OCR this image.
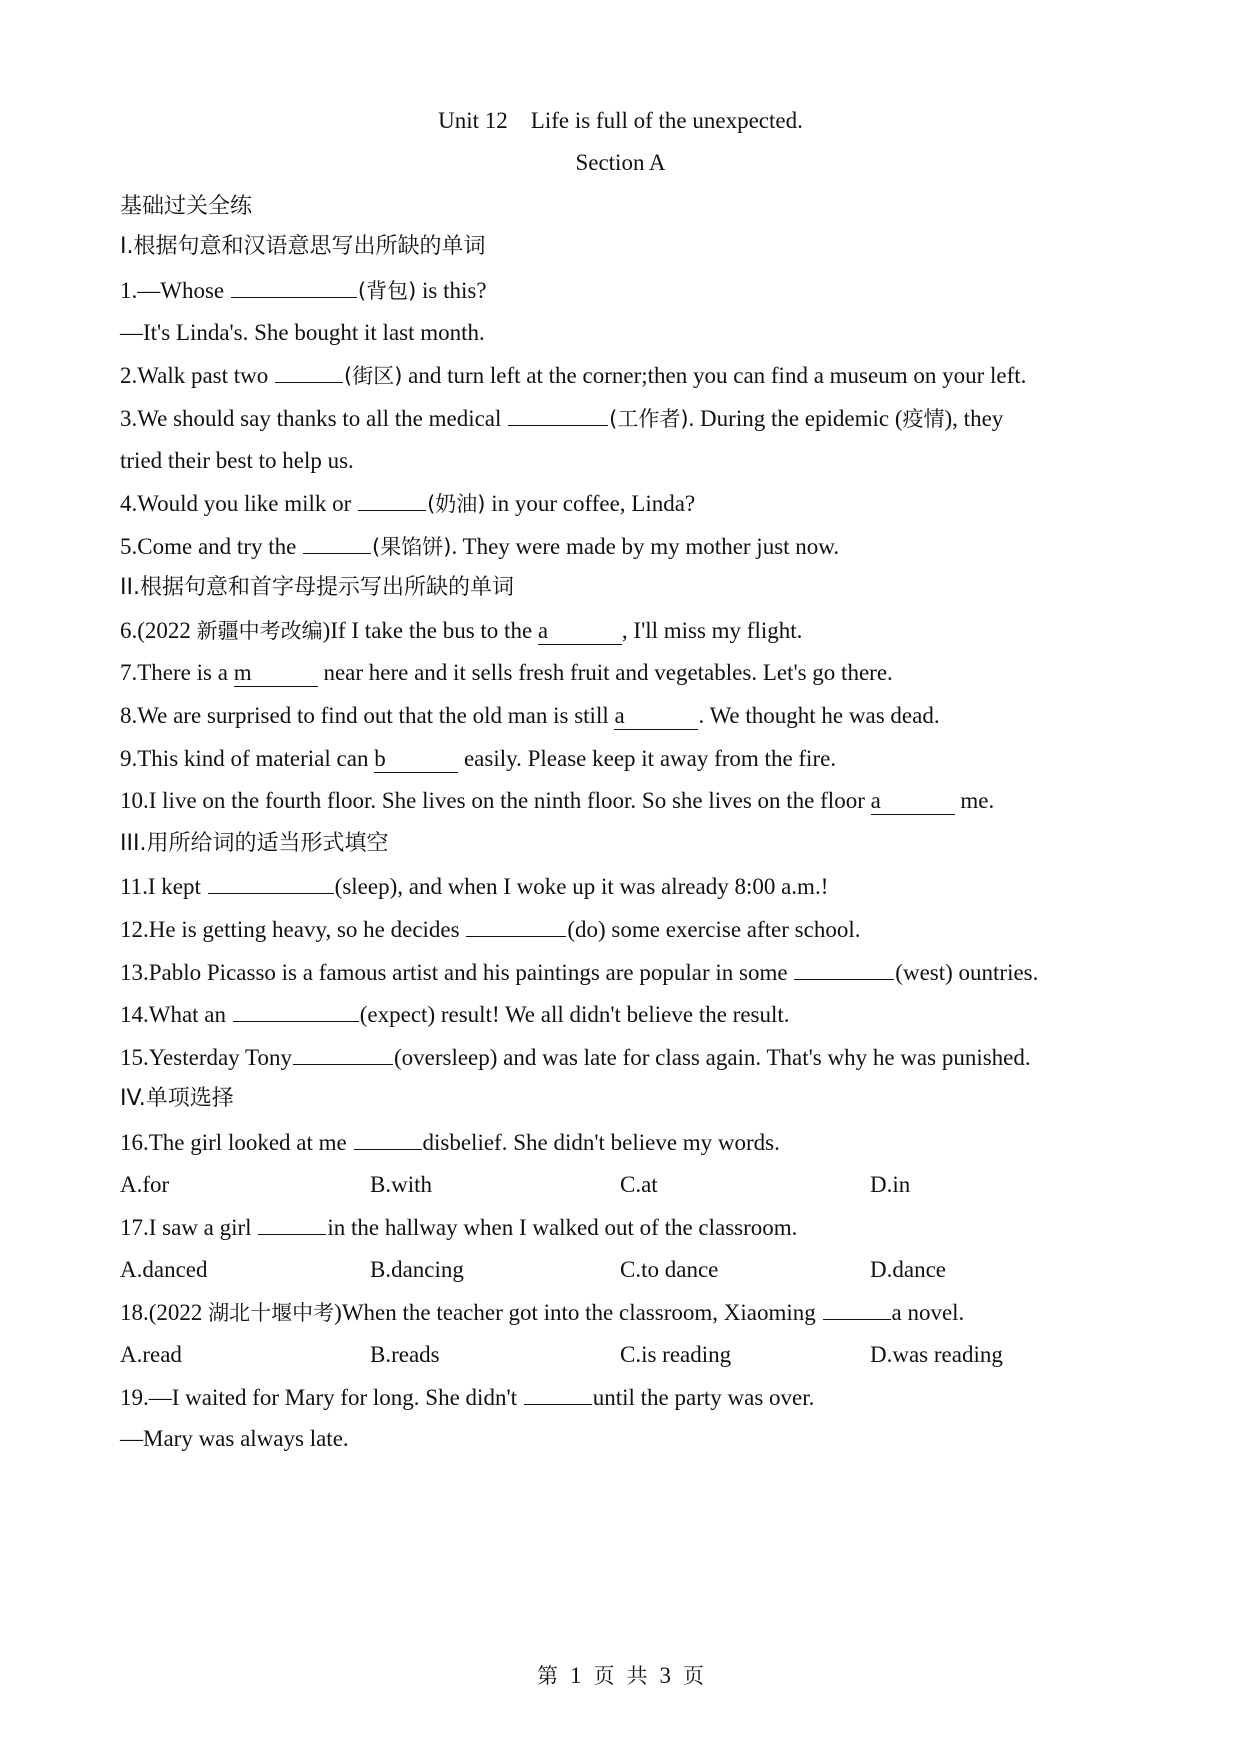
Unit 12    Life is full of the unexpected.
Section A
基础过关全练
I.根据句意和汉语意思写出所缺的单词
1.—Whose	(背包) is this?
—It's Linda's. She bought it last month.
2.Walk past two	(街区) and turn left at the corner;then you can find a museum on your left.
3.We should say thanks to all the medical	(工作者). During the epidemic (疫情), they
tried their best to help us.
4.Would you like milk or	(奶油) in your coffee, Linda?
5.Come and try the	(果馅饼). They were made by my mother just now.
II.根据句意和首字母提示写出所缺的单词
6.(2022 新疆中考改编)If I take the bus to the a	, I'll miss my flight.
7.There is a m	near here and it sells fresh fruit and vegetables. Let's go there.
8.We are surprised to find out that the old man is still a	. We thought he was dead.
9.This kind of material can b	easily. Please keep it away from the fire.
10.I live on the fourth floor. She lives on the ninth floor. So she lives on the floor a	me.
III.用所给词的适当形式填空
11.I kept	(sleep), and when I woke up it was already 8:00 a.m.!
12.He is getting heavy, so he decides	(do) some exercise after school.
13.Pablo Picasso is a famous artist and his paintings are popular in some	(west) ountries.
14.What an	(expect) result! We all didn't believe the result.
15.Yesterday Tony	(oversleep) and was late for class again. That's why he was punished.
IV.单项选择
16.The girl looked at me	disbelief. She didn't believe my words.
A.for	B.with	C.at	D.in
17.I saw a girl	in the hallway when I walked out of the classroom.
A.danced	B.dancing	C.to dance	D.dance
18.(2022 湖北十堰中考)When the teacher got into the classroom, Xiaoming	a novel.
A.read	B.reads	C.is reading	D.was reading
19.—I waited for Mary for long. She didn't	until the party was over.
—Mary was always late.
第 1 页 共 3 页
